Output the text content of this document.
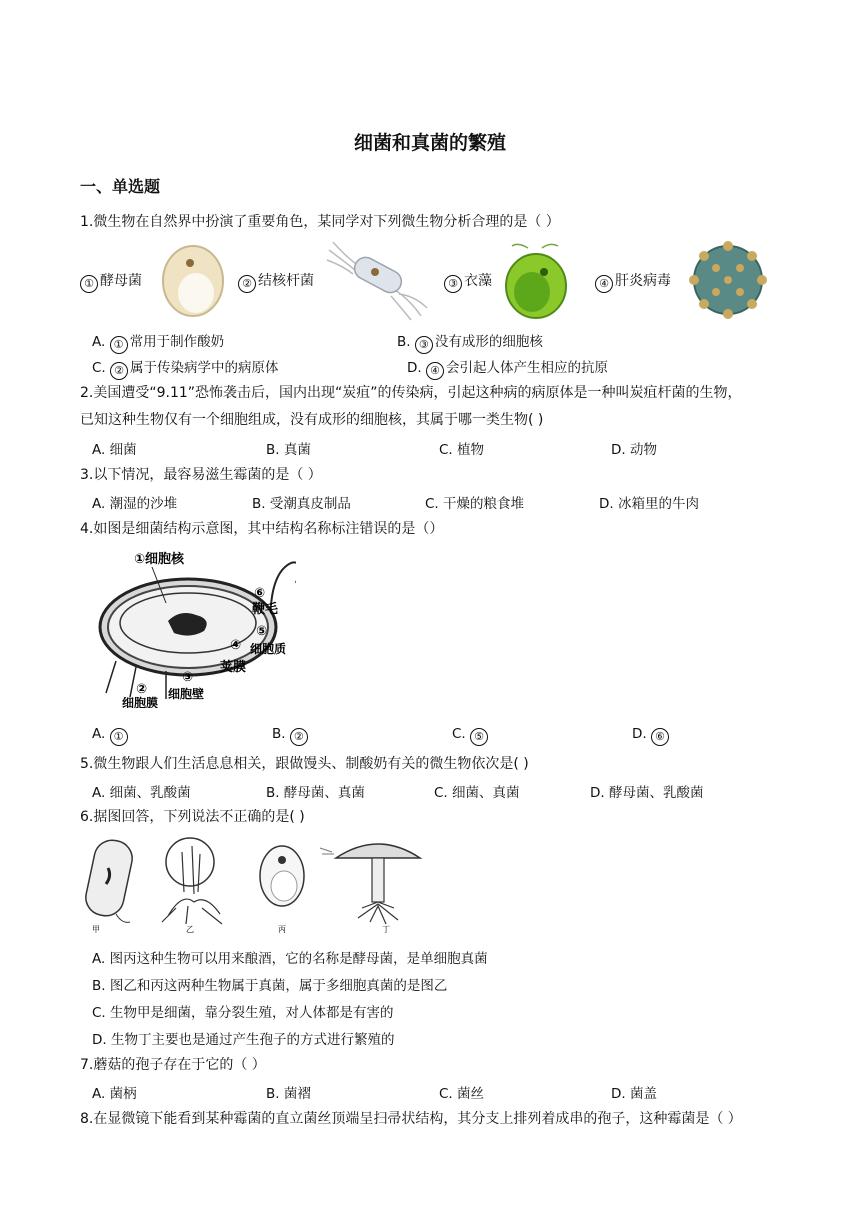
细菌和真菌的繁殖
一、单选题
1.微生物在自然界中扮演了重要角色，某同学对下列微生物分析合理的是（ ）
① 酵母菌	② 结核杆菌	③ 衣藻	④ 肝炎病毒
A. ① 常用于制作酸奶	B. ③ 没有成形的细胞核
C. ② 属于传染病学中的病原体	D. ④ 会引起人体产生相应的抗原
2.美国遭受“9.11”恐怖袭击后，国内出现“炭疽”的传染病，引起这种病的病原体是一种叫炭疽杆菌的生物，
已知这种生物仅有一个细胞组成，没有成形的细胞核，其属于哪一类生物( )
A. 细菌	B. 真菌	C. 植物	D. 动物
3.以下情况，最容易滋生霉菌的是（ ）
A. 潮湿的沙堆	B. 受潮真皮制品	C. 干燥的粮食堆	D. 冰箱里的牛肉
4.如图是细菌结构示意图，其中结构名称标注错误的是（）
①细胞核
⑥
鞭毛
⑤
细胞质
④
荚膜
③
细胞壁
②
细胞膜
A. ①	B. ②	C. ⑤	D. ⑥
5.微生物跟人们生活息息相关，跟做馒头、制酸奶有关的微生物依次是( )
A. 细菌、乳酸菌	B. 酵母菌、真菌	C. 细菌、真菌	D. 酵母菌、乳酸菌
6.据图回答，下列说法不正确的是( )
甲	乙	丙	丁
A. 图丙这种生物可以用来酿酒，它的名称是酵母菌，是单细胞真菌
B. 图乙和丙这两种生物属于真菌，属于多细胞真菌的是图乙
C. 生物甲是细菌，靠分裂生殖，对人体都是有害的
D. 生物丁主要也是通过产生孢子的方式进行繁殖的
7.蘑菇的孢子存在于它的（ ）
A. 菌柄	B. 菌褶	C. 菌丝	D. 菌盖
8.在显微镜下能看到某种霉菌的直立菌丝顶端呈扫帚状结构，其分支上排列着成串的孢子，这种霉菌是（ ）
